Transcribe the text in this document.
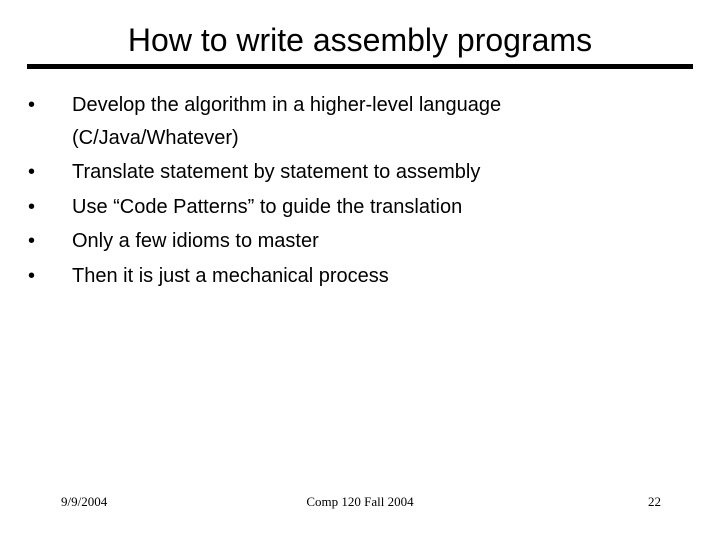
How to write assembly programs
•	Develop the algorithm in a higher-level language (C/Java/Whatever)
•	Translate statement by statement to assembly
•	Use “Code Patterns” to guide the translation
•	Only a few idioms to master
•	Then it is just a mechanical process
9/9/2004	Comp 120 Fall 2004	22
